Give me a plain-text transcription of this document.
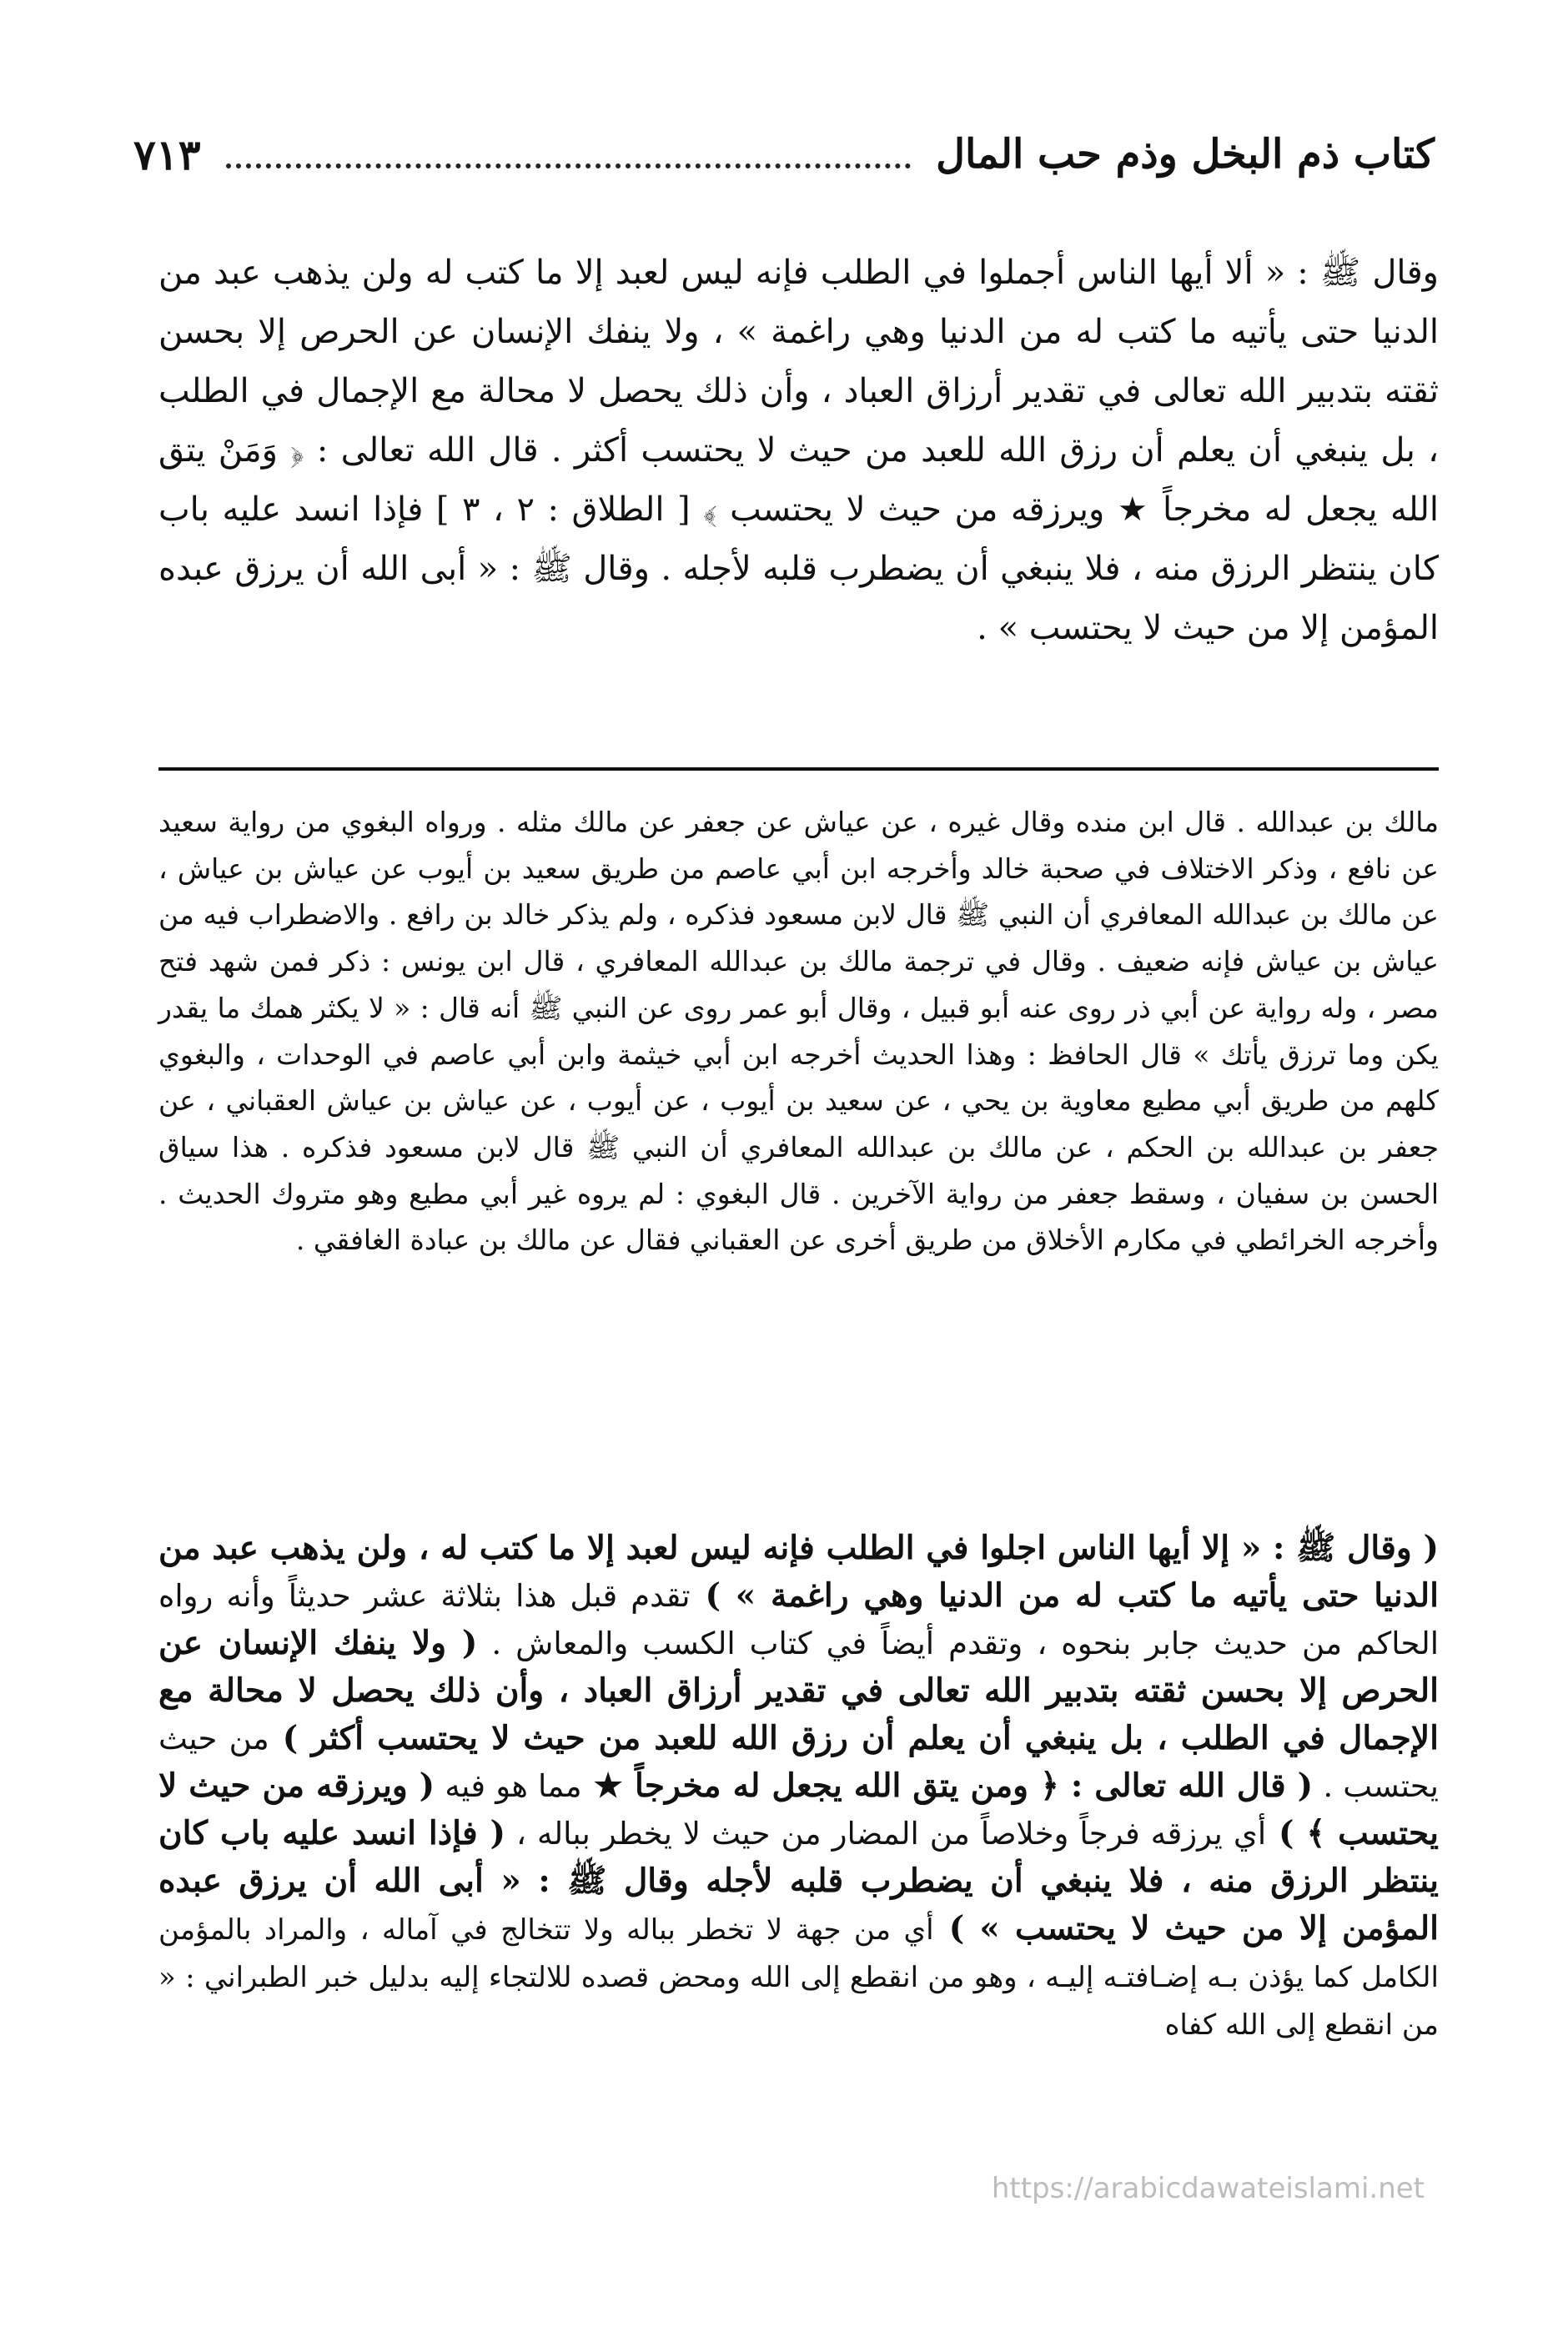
كتاب ذم البخل وذم حب المال
٧١٣

وقال ﷺ : « ألا أيها الناس أجملوا في الطلب فإنه ليس لعبد إلا ما كتب له ولن يذهب عبد من الدنيا حتى يأتيه ما كتب له من الدنيا وهي راغمة » ، ولا ينفك الإنسان عن الحرص إلا بحسن ثقته بتدبير الله تعالى في تقدير أرزاق العباد ، وأن ذلك يحصل لا محالة مع الإجمال في الطلب ، بل ينبغي أن يعلم أن رزق الله للعبد من حيث لا يحتسب أكثر . قال الله تعالى : ﴿ وَمَنْ يتق الله يجعل له مخرجاً ★ ويرزقه من حيث لا يحتسب ﴾ [ الطلاق : ٢ ، ٣ ] فإذا انسد عليه باب كان ينتظر الرزق منه ، فلا ينبغي أن يضطرب قلبه لأجله . وقال ﷺ : « أبى الله أن يرزق عبده المؤمن إلا من حيث لا يحتسب » .

مالك بن عبدالله . قال ابن منده وقال غيره ، عن عياش عن جعفر عن مالك مثله . ورواه البغوي من رواية سعيد عن نافع ، وذكر الاختلاف في صحبة خالد وأخرجه ابن أبي عاصم من طريق سعيد بن أيوب عن عياش بن عياش ، عن مالك بن عبدالله المعافري أن النبي ﷺ قال لابن مسعود فذكره ، ولم يذكر خالد بن رافع . والاضطراب فيه من عياش بن عياش فإنه ضعيف . وقال في ترجمة مالك بن عبدالله المعافري ، قال ابن يونس : ذكر فمن شهد فتح مصر ، وله رواية عن أبي ذر روى عنه أبو قبيل ، وقال أبو عمر روى عن النبي ﷺ أنه قال : « لا يكثر همك ما يقدر يكن وما ترزق يأتك » قال الحافظ : وهذا الحديث أخرجه ابن أبي خيثمة وابن أبي عاصم في الوحدات ، والبغوي كلهم من طريق أبي مطيع معاوية بن يحي ، عن سعيد بن أيوب ، عن أيوب ، عن عياش بن عياش العقباني ، عن جعفر بن عبدالله بن الحكم ، عن مالك بن عبدالله المعافري أن النبي ﷺ قال لابن مسعود فذكره . هذا سياق الحسن بن سفيان ، وسقط جعفر من رواية الآخرين . قال البغوي : لم يروه غير أبي مطيع وهو متروك الحديث . وأخرجه الخرائطي في مكارم الأخلاق من طريق أخرى عن العقباني فقال عن مالك بن عبادة الغافقي .

( وقال ﷺ : « إلا أيها الناس اجلوا في الطلب فإنه ليس لعبد إلا ما كتب له ، ولن يذهب عبد من الدنيا حتى يأتيه ما كتب له من الدنيا وهي راغمة » ) تقدم قبل هذا بثلاثة عشر حديثاً وأنه رواه الحاكم من حديث جابر بنحوه ، وتقدم أيضاً في كتاب الكسب والمعاش . ( ولا ينفك الإنسان عن الحرص إلا بحسن ثقته بتدبير الله تعالى في تقدير أرزاق العباد ، وأن ذلك يحصل لا محالة مع الإجمال في الطلب ، بل ينبغي أن يعلم أن رزق الله للعبد من حيث لا يحتسب أكثر ) من حيث يحتسب . ( قال الله تعالى : ﴿ ومن يتق الله يجعل له مخرجاً ★ مما هو فيه ( ويرزقه من حيث لا يحتسب ﴾ ) أي يرزقه فرجاً وخلاصاً من المضار من حيث لا يخطر بباله ، ( فإذا انسد عليه باب كان ينتظر الرزق منه ، فلا ينبغي أن يضطرب قلبه لأجله وقال ﷺ : « أبى الله أن يرزق عبده المؤمن إلا من حيث لا يحتسب » ) أي من جهة لا تخطر بباله ولا تتخالج في آماله ، والمراد بالمؤمن الكامل كما يؤذن بـه إضـافتـه إليـه ، وهو من انقطع إلى الله ومحض قصده للالتجاء إليه بدليل خبر الطبراني : « من انقطع إلى الله كفاه

https://arabicdawateislami.net
